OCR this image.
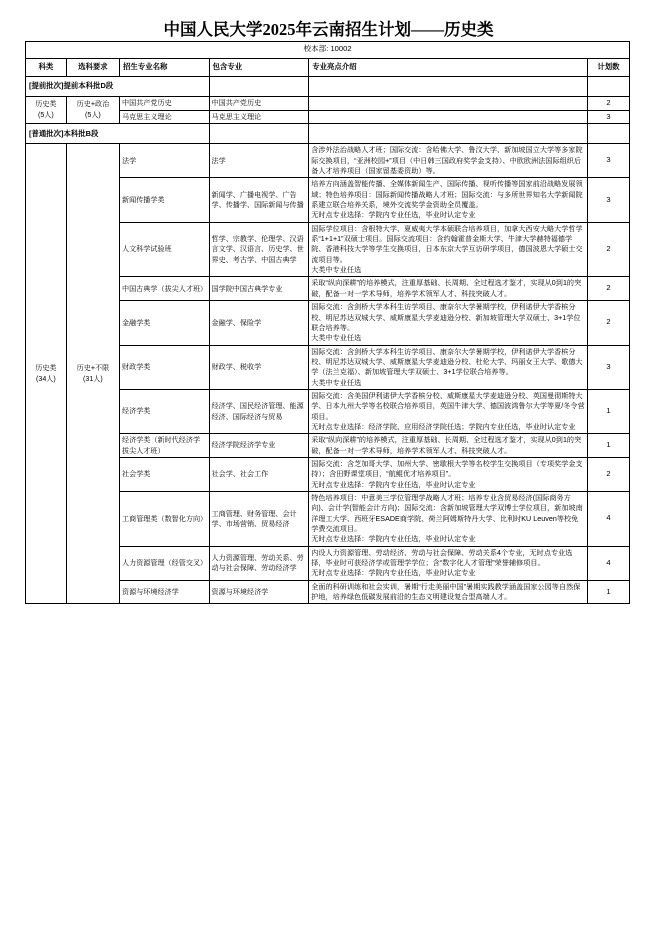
中国人民大学2025年云南招生计划——历史类
校本部: 10002					
科类	选科要求	招生专业名称	包含专业	专业亮点介绍	计划数
[提前批次]提前本科批D段					

历史类
(5人)

历史+政治
(5人)
	中国共产党历史	中国共产党历史		2
		马克思主义理论	马克思主义理论		3
[普通批次]本科批B段					

历史类
(34人)

历史+不限
(31人)
	法学	法学	含涉外法治战略人才班；国际交流：含哈佛大学、鲁汶大学、新加坡国立大学等多家院际交换项目，“亚洲校园+”项目（中日韩三国政府奖学金支持）、中欧欧洲法国际组织后备人才培养项目（国家留基委资助）等。	3
		新闻传播学类	新闻学、广播电视学、广告学、传播学、国际新闻与传播	培养方向涵盖智能传播、全媒体新闻生产、国际传播、视听传播等国家前沿战略发展领域；特色培养项目：国际新闻传播战略人才班；国际交流：与多所世界知名大学新闻院系建立联合培养关系，境外交流奖学金资助全员覆盖。
无时点专业选择：学院内专业任选，毕业时认定专业	3
		人文科学试验班	哲学、宗教学、伦理学、汉语言文学、汉语言、历史学、世界史、考古学、中国古典学	国际学位项目：含根特大学、夏威夷大学本硕联合培养项目，加拿大西安大略大学哲学系“1+1+1”双硕士项目。国际交流项目：含约翰霍普金斯大学、牛津大学赫特福德学院、香港科技大学等学生交换项目，日本东京大学互访研学项目，德国波恩大学硕士交流项目等。
大类中专业任选	2
		中国古典学（拔尖人才班）	国学院中国古典学专业	采取“纵向深耕”的培养模式，注重厚基础、长周期、全过程选才鉴才，实现从0到1的突破，配备一对一学术导师，培养学术领军人才、科技突破人才。	2
		金融学类	金融学、保险学	国际交流：含剑桥大学本科生访学项目、康奈尔大学暑期学校，伊利诺伊大学香槟分校、明尼苏达双城大学、威斯康星大学麦迪逊分校、新加坡管理大学双硕士、3+1学位联合培养等。
大类中专业任选	2
		财政学类	财政学、税收学	国际交流：含剑桥大学本科生访学项目、康奈尔大学暑期学校，伊利诺伊大学香槟分校、明尼苏达双城大学、威斯康星大学麦迪逊分校、杜伦大学、玛丽女王大学、歌德大学（法兰克福）、新加坡管理大学双硕士、3+1学位联合培养等。
大类中专业任选	3
		经济学类	经济学、国民经济管理、能源经济、国际经济与贸易	国际交流：含美国伊利诺伊大学香槟分校、威斯康星大学麦迪逊分校、英国曼彻斯特大学、日本九州大学等名校联合培养项目，英国牛津大学、德国波鸿鲁尔大学等夏/冬令营项目。
无时点专业选择：经济学院、应用经济学院任选；学院内专业任选，毕业时认定专业	1
		经济学类（新时代经济学拔尖人才班）	经济学院经济学专业	采取“纵向深耕”的培养模式，注重厚基础、长周期、全过程选才鉴才，实现从0到1的突破，配备一对一学术导师，培养学术领军人才、科技突破人才。	1
		社会学类	社会学、社会工作	国际交流：含芝加哥大学、加州大学、密歇根大学等名校学生交换项目（专项奖学金支持）；含田野课堂项目，“航鲲优才培养项目”。
无时点专业选择：学院内专业任选，毕业时认定专业	2
		工商管理类（数智化方向）	工商管理、财务管理、会计学、市场营销、贸易经济	特色培养项目：中意美三学位管理学战略人才班；培养专业含贸易经济(国际商务方向)、会计学(智能会计方向)；国际交流：含新加坡管理大学双博士学位项目，新加坡南洋理工大学、西班牙ESADE商学院、荷兰阿姆斯特丹大学、比利时KU Leuven等校免学费交流项目。
无时点专业选择：学院内专业任选，毕业时认定专业	4
		人力资源管理（经管交叉）	人力资源管理、劳动关系、劳动与社会保障、劳动经济学	内设人力资源管理、劳动经济、劳动与社会保障、劳动关系4个专业，无时点专业选择，毕业时可获经济学或管理学学位；含“数字化人才管理”荣誉辅修项目。
无时点专业选择：学院内专业任选，毕业时认定专业	4
		资源与环境经济学	资源与环境经济学	全面的科研训练和社会实训，暑期“行走美丽中国”暑期实践教学涵盖国家公园等自然保护地，培养绿色低碳发展前沿的生态文明建设复合型高端人才。	1
